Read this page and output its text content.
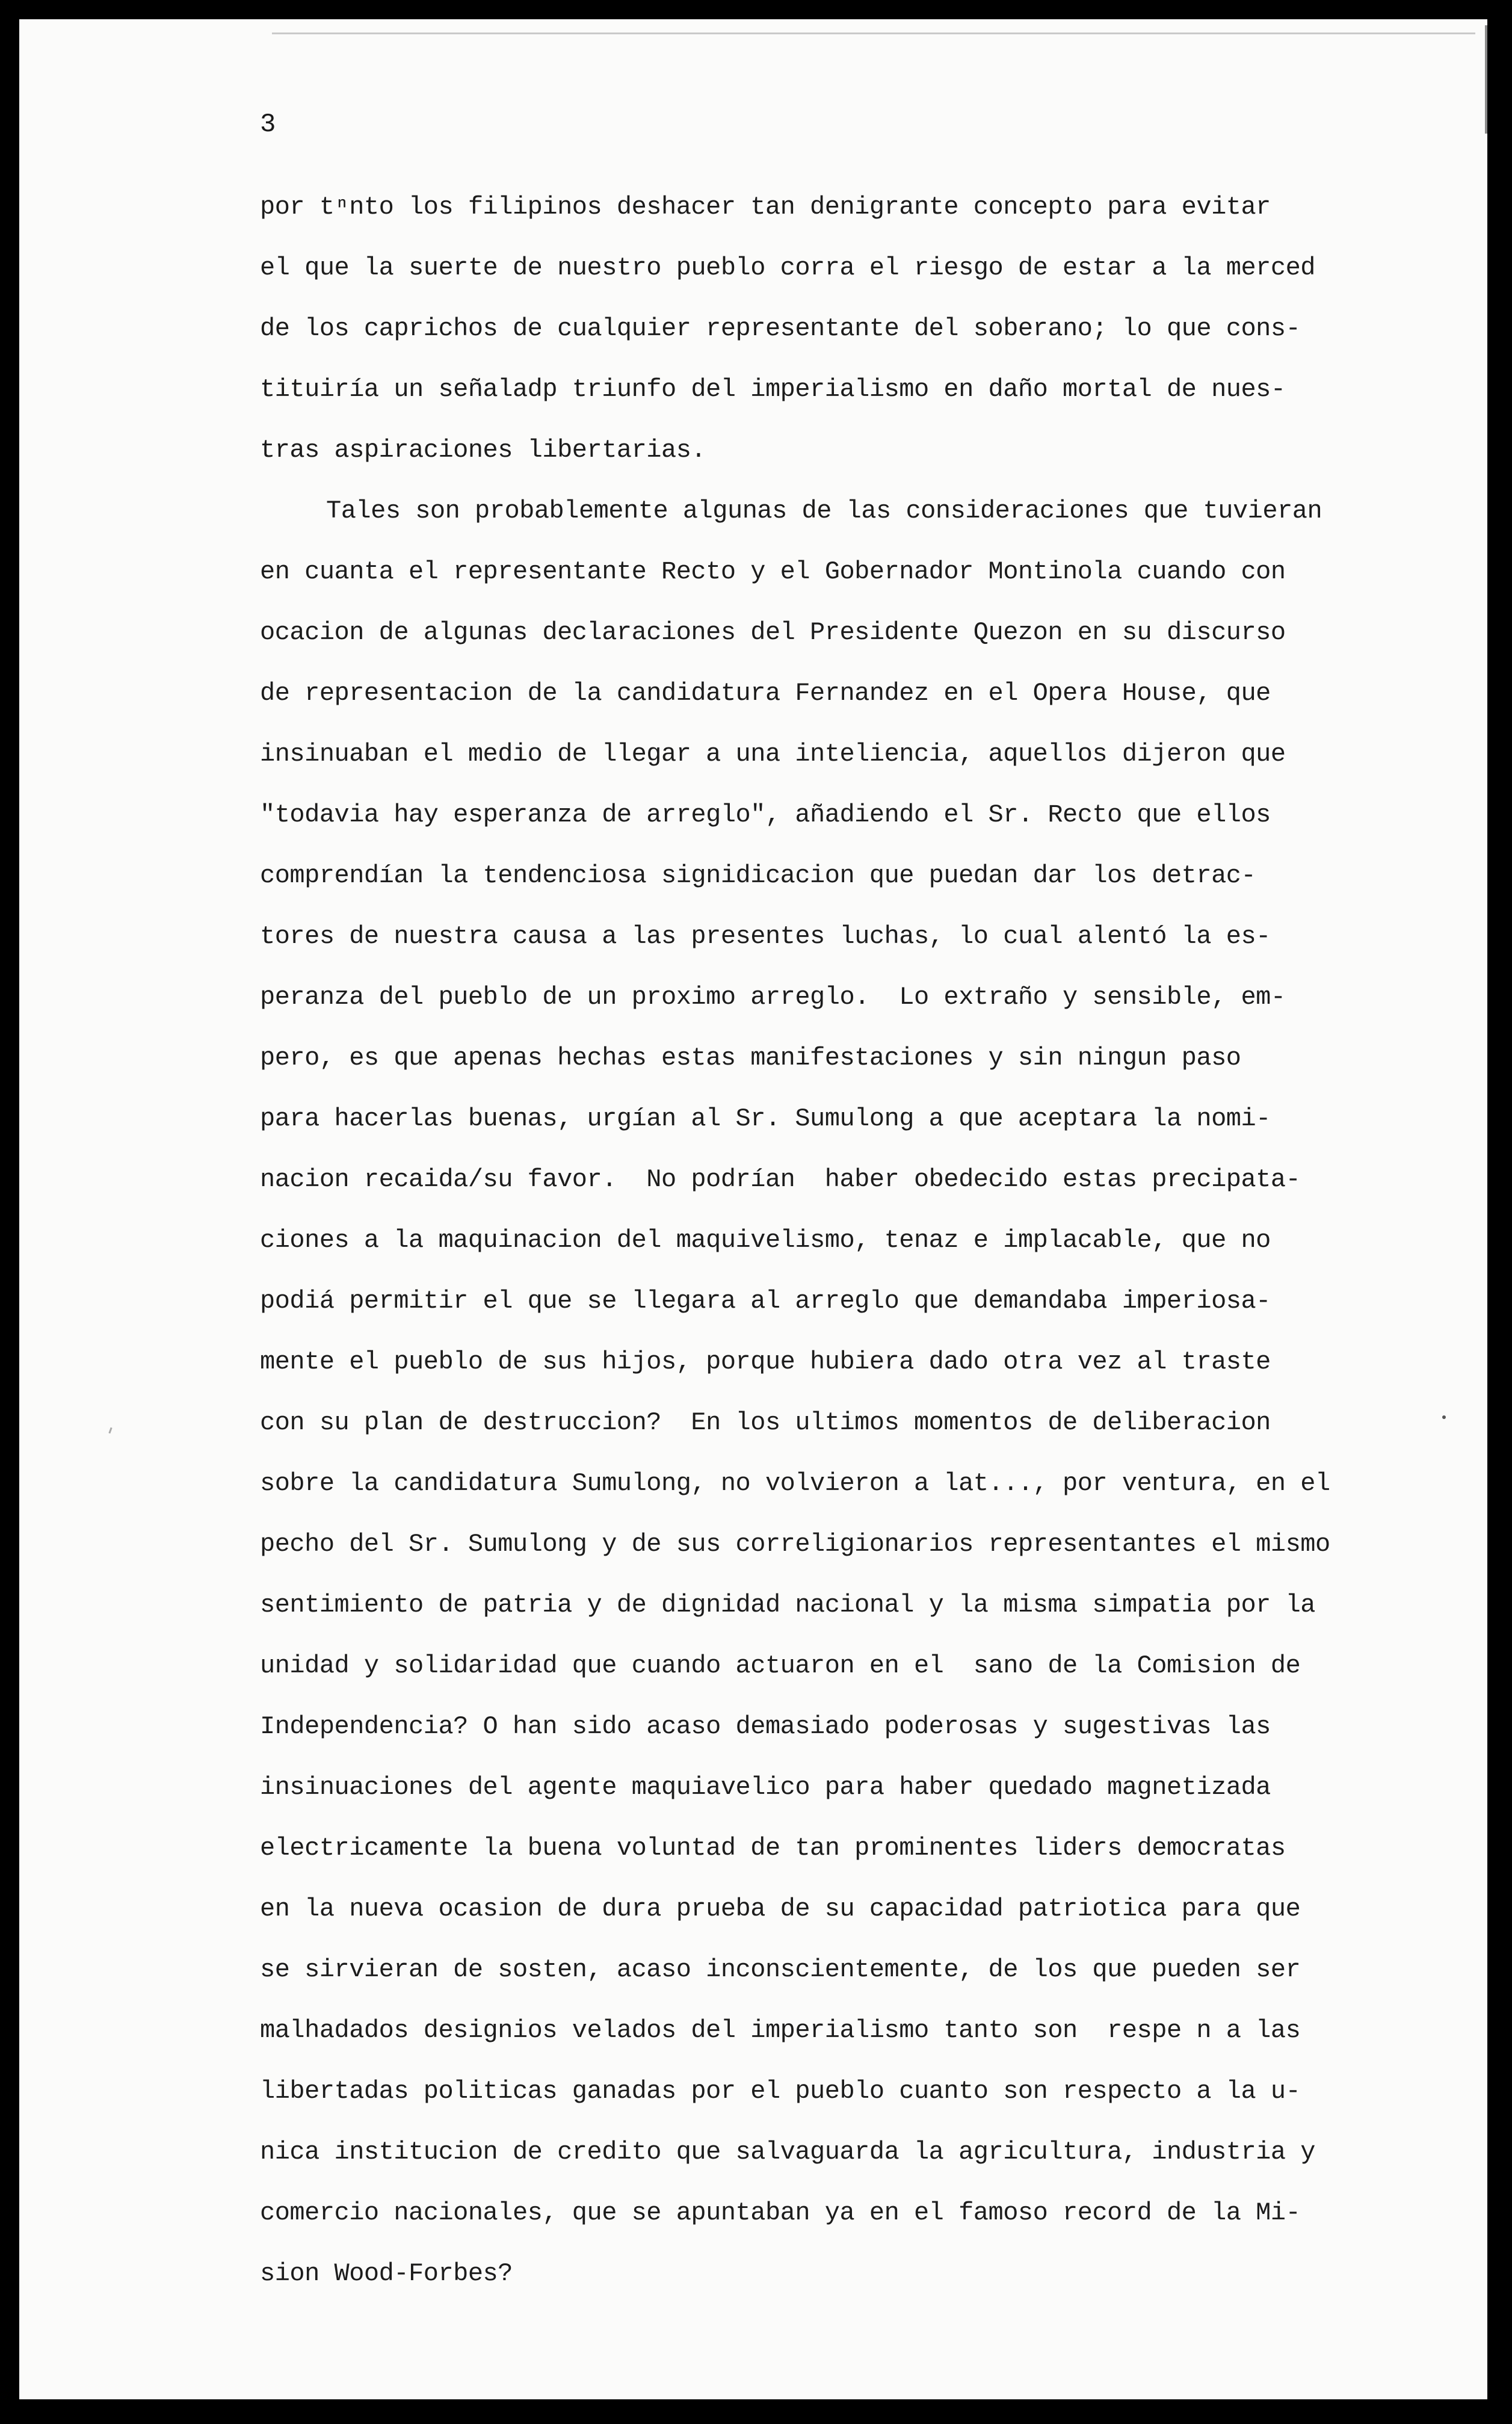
3

por tⁿnto los filipinos deshacer tan denigrante concepto para evitar
el que la suerte de nuestro pueblo corra el riesgo de estar a la merced
de los caprichos de cualquier representante del soberano; lo que cons-
tituiría un señaladp triunfo del imperialismo en daño mortal de nues-
tras aspiraciones libertarias.
Tales son probablemente algunas de las consideraciones que tuvieran
en cuanta el representante Recto y el Gobernador Montinola cuando con
ocacion de algunas declaraciones del Presidente Quezon en su discurso
de representacion de la candidatura Fernandez en el Opera House, que
insinuaban el medio de llegar a una inteliencia, aquellos dijeron que
"todavia hay esperanza de arreglo", añadiendo el Sr. Recto que ellos
comprendían la tendenciosa signidicacion que puedan dar los detrac-
tores de nuestra causa a las presentes luchas, lo cual alentó la es-
peranza del pueblo de un proximo arreglo.  Lo extraño y sensible, em-
pero, es que apenas hechas estas manifestaciones y sin ningun paso
para hacerlas buenas, urgían al Sr. Sumulong a que aceptara la nomi-
nacion recaida/su favor.  No podrían  haber obedecido estas precipata-
ciones a la maquinacion del maquivelismo, tenaz e implacable, que no
podiá permitir el que se llegara al arreglo que demandaba imperiosa-
mente el pueblo de sus hijos, porque hubiera dado otra vez al traste
con su plan de destruccion?  En los ultimos momentos de deliberacion
sobre la candidatura Sumulong, no volvieron a lat..., por ventura, en el
pecho del Sr. Sumulong y de sus correligionarios representantes el mismo
sentimiento de patria y de dignidad nacional y la misma simpatia por la
unidad y solidaridad que cuando actuaron en el  sano de la Comision de
Independencia? O han sido acaso demasiado poderosas y sugestivas las
insinuaciones del agente maquiavelico para haber quedado magnetizada
electricamente la buena voluntad de tan prominentes liders democratas
en la nueva ocasion de dura prueba de su capacidad patriotica para que
se sirvieran de sosten, acaso inconscientemente, de los que pueden ser
malhadados designios velados del imperialismo tanto son  respe n a las
libertadas politicas ganadas por el pueblo cuanto son respecto a la u-
nica institucion de credito que salvaguarda la agricultura, industria y
comercio nacionales, que se apuntaban ya en el famoso record de la Mi-
sion Wood-Forbes?
